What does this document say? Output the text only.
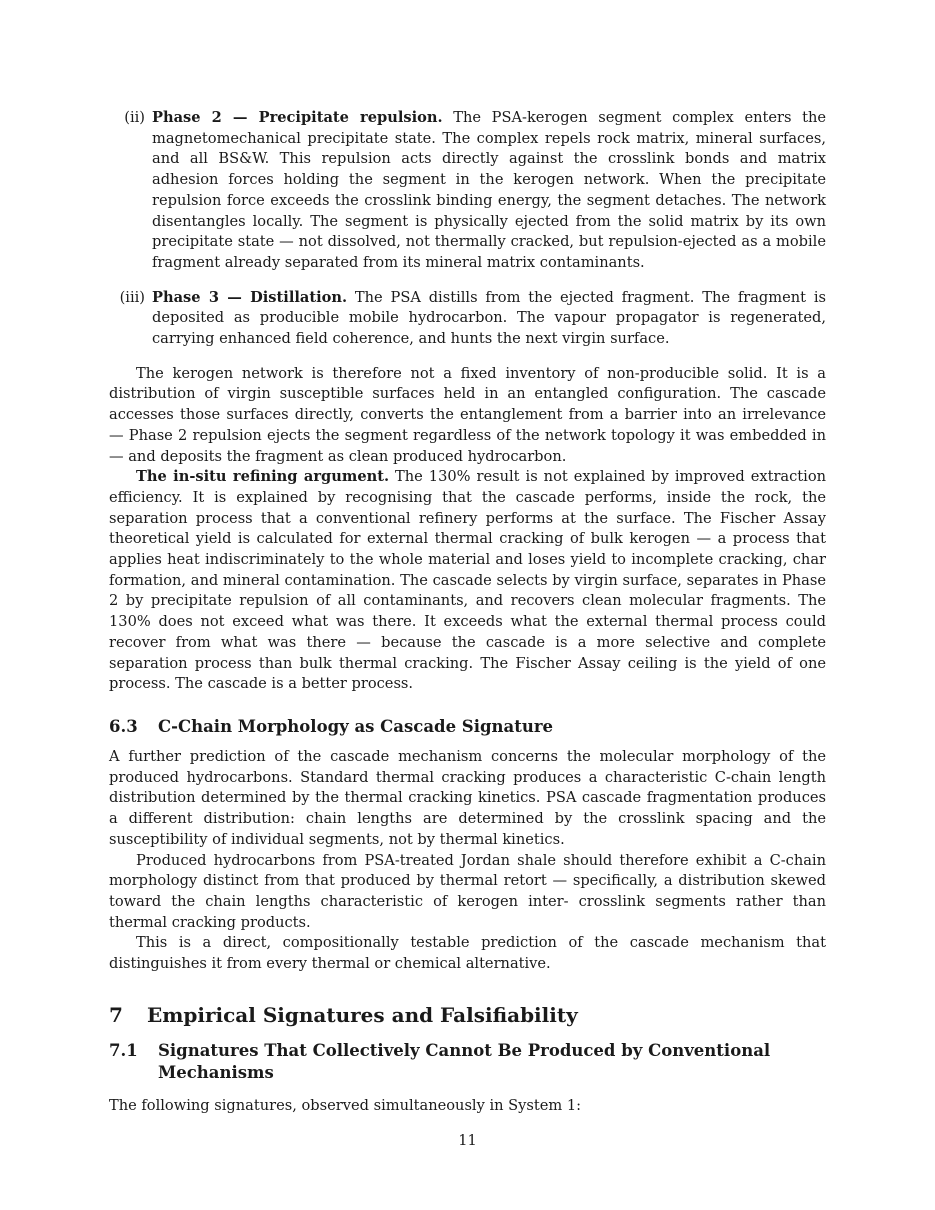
(ii) Phase 2 — Precipitate repulsion. The PSA-kerogen segment complex enters the magnetomechanical precipitate state. The complex repels rock matrix, mineral surfaces, and all BS&W. This repulsion acts directly against the crosslink bonds and matrix adhesion forces holding the segment in the kerogen network. When the precipitate repulsion force exceeds the crosslink binding energy, the segment detaches. The network disentangles locally. The segment is physically ejected from the solid matrix by its own precipitate state — not dissolved, not thermally cracked, but repulsion-ejected as a mobile fragment already separated from its mineral matrix contaminants.

(iii) Phase 3 — Distillation. The PSA distills from the ejected fragment. The fragment is deposited as producible mobile hydrocarbon. The vapour propagator is regenerated, carrying enhanced field coherence, and hunts the next virgin surface.

The kerogen network is therefore not a fixed inventory of non-producible solid. It is a distribution of virgin susceptible surfaces held in an entangled configuration. The cascade accesses those surfaces directly, converts the entanglement from a barrier into an irrelevance — Phase 2 repulsion ejects the segment regardless of the network topology it was embedded in — and deposits the fragment as clean produced hydrocarbon.

The in-situ refining argument. The 130% result is not explained by improved extraction efficiency. It is explained by recognising that the cascade performs, inside the rock, the separation process that a conventional refinery performs at the surface. The Fischer Assay theoretical yield is calculated for external thermal cracking of bulk kerogen — a process that applies heat indiscriminately to the whole material and loses yield to incomplete cracking, char formation, and mineral contamination. The cascade selects by virgin surface, separates in Phase 2 by precipitate repulsion of all contaminants, and recovers clean molecular fragments. The 130% does not exceed what was there. It exceeds what the external thermal process could recover from what was there — because the cascade is a more selective and complete separation process than bulk thermal cracking. The Fischer Assay ceiling is the yield of one process. The cascade is a better process.

6.3	C-Chain Morphology as Cascade Signature

A further prediction of the cascade mechanism concerns the molecular morphology of the produced hydrocarbons. Standard thermal cracking produces a characteristic C-chain length distribution determined by the thermal cracking kinetics. PSA cascade fragmentation produces a different distribution: chain lengths are determined by the crosslink spacing and the susceptibility of individual segments, not by thermal kinetics.

Produced hydrocarbons from PSA-treated Jordan shale should therefore exhibit a C-chain morphology distinct from that produced by thermal retort — specifically, a distribution skewed toward the chain lengths characteristic of kerogen inter- crosslink segments rather than thermal cracking products.

This is a direct, compositionally testable prediction of the cascade mechanism that distinguishes it from every thermal or chemical alternative.

7	Empirical Signatures and Falsifiability
7.1	Signatures That Collectively Cannot Be Produced by Conventional Mechanisms

The following signatures, observed simultaneously in System 1:

11
